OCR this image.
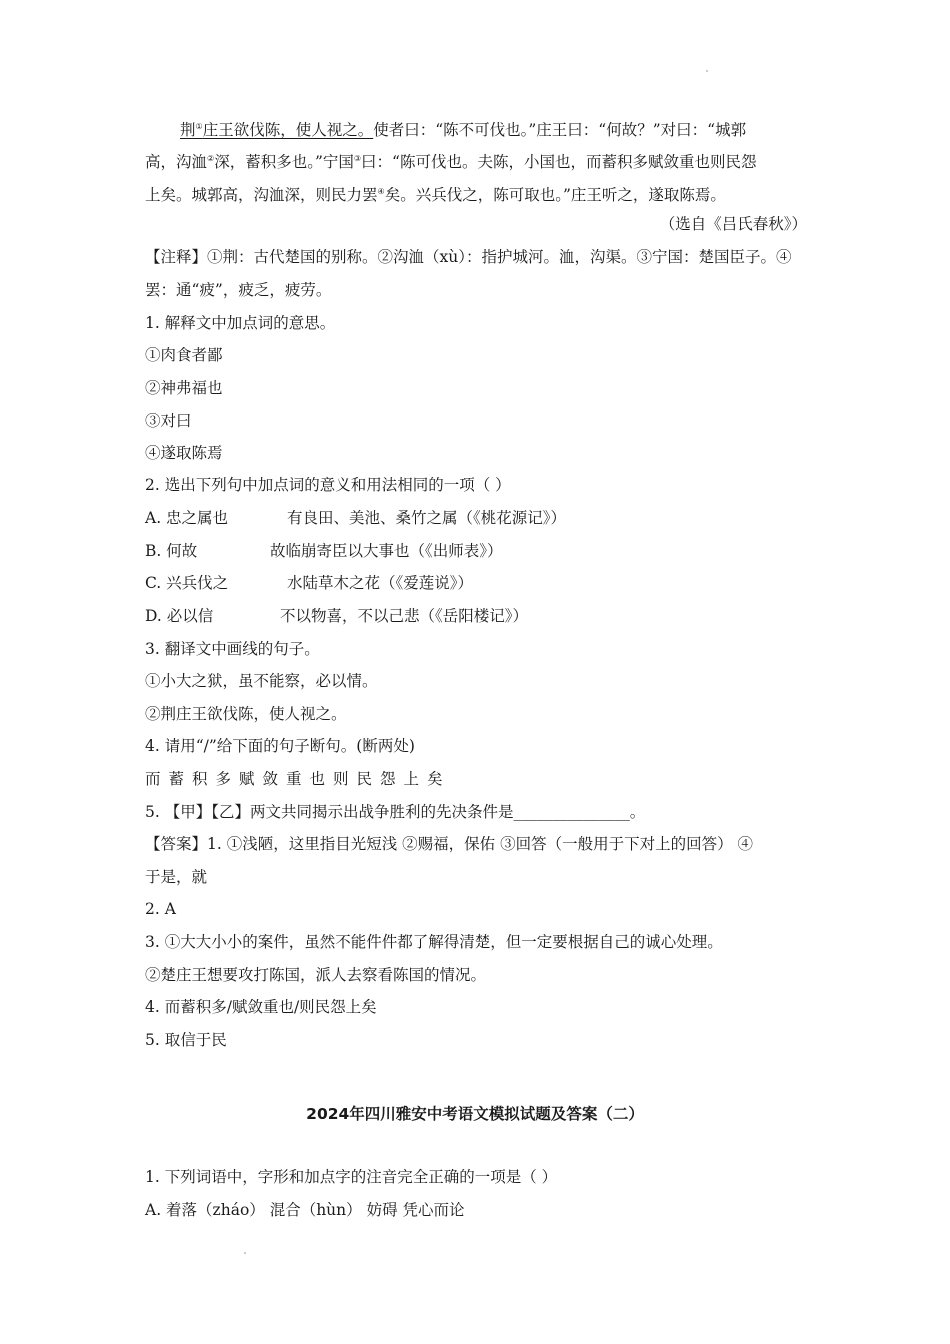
荆①庄王欲伐陈，使人视之。使者曰：“陈不可伐也。”庄王曰：“何故？”对曰：“城郭
高，沟洫②深，蓄积多也。”宁国③曰：“陈可伐也。夫陈，小国也，而蓄积多赋敛重也则民怨
上矣。城郭高，沟洫深，则民力罢④矣。兴兵伐之，陈可取也。”庄王听之，遂取陈焉。
（选自《吕氏春秋》）
【注释】①荆：古代楚国的别称。②沟洫（xù）：指护城河。洫，沟渠。③宁国：楚国臣子。④
罢：通“疲”，疲乏，疲劳。
1. 解释文中加点词的意思。
①肉食者鄙
②神弗福也
③对曰
④遂取陈焉
2. 选出下列句中加点词的意义和用法相同的一项（ ）
A. 忠之属也	有良田、美池、桑竹之属（《桃花源记》）
B. 何故	故临崩寄臣以大事也（《出师表》）
C. 兴兵伐之	水陆草木之花（《爱莲说》）
D. 必以信	不以物喜，不以己悲（《岳阳楼记》）
3. 翻译文中画线的句子。
①小大之狱，虽不能察，必以情。
②荆庄王欲伐陈，使人视之。
4. 请用“/”给下面的句子断句。(断两处)
而蓄积多赋敛重也则民怨上矣
5. 【甲】【乙】两文共同揭示出战争胜利的先决条件是_______________。
【答案】1. ①浅陋，这里指目光短浅 ②赐福，保佑 ③回答（一般用于下对上的回答） ④
于是，就
2. A
3. ①大大小小的案件，虽然不能件件都了解得清楚，但一定要根据自己的诚心处理。
②楚庄王想要攻打陈国，派人去察看陈国的情况。
4. 而蓄积多/赋敛重也/则民怨上矣
5. 取信于民
2024年四川雅安中考语文模拟试题及答案（二）
1. 下列词语中，字形和加点字的注音完全正确的一项是（ ）
A. 着落（zháo） 混合（hùn） 妨碍 凭心而论
